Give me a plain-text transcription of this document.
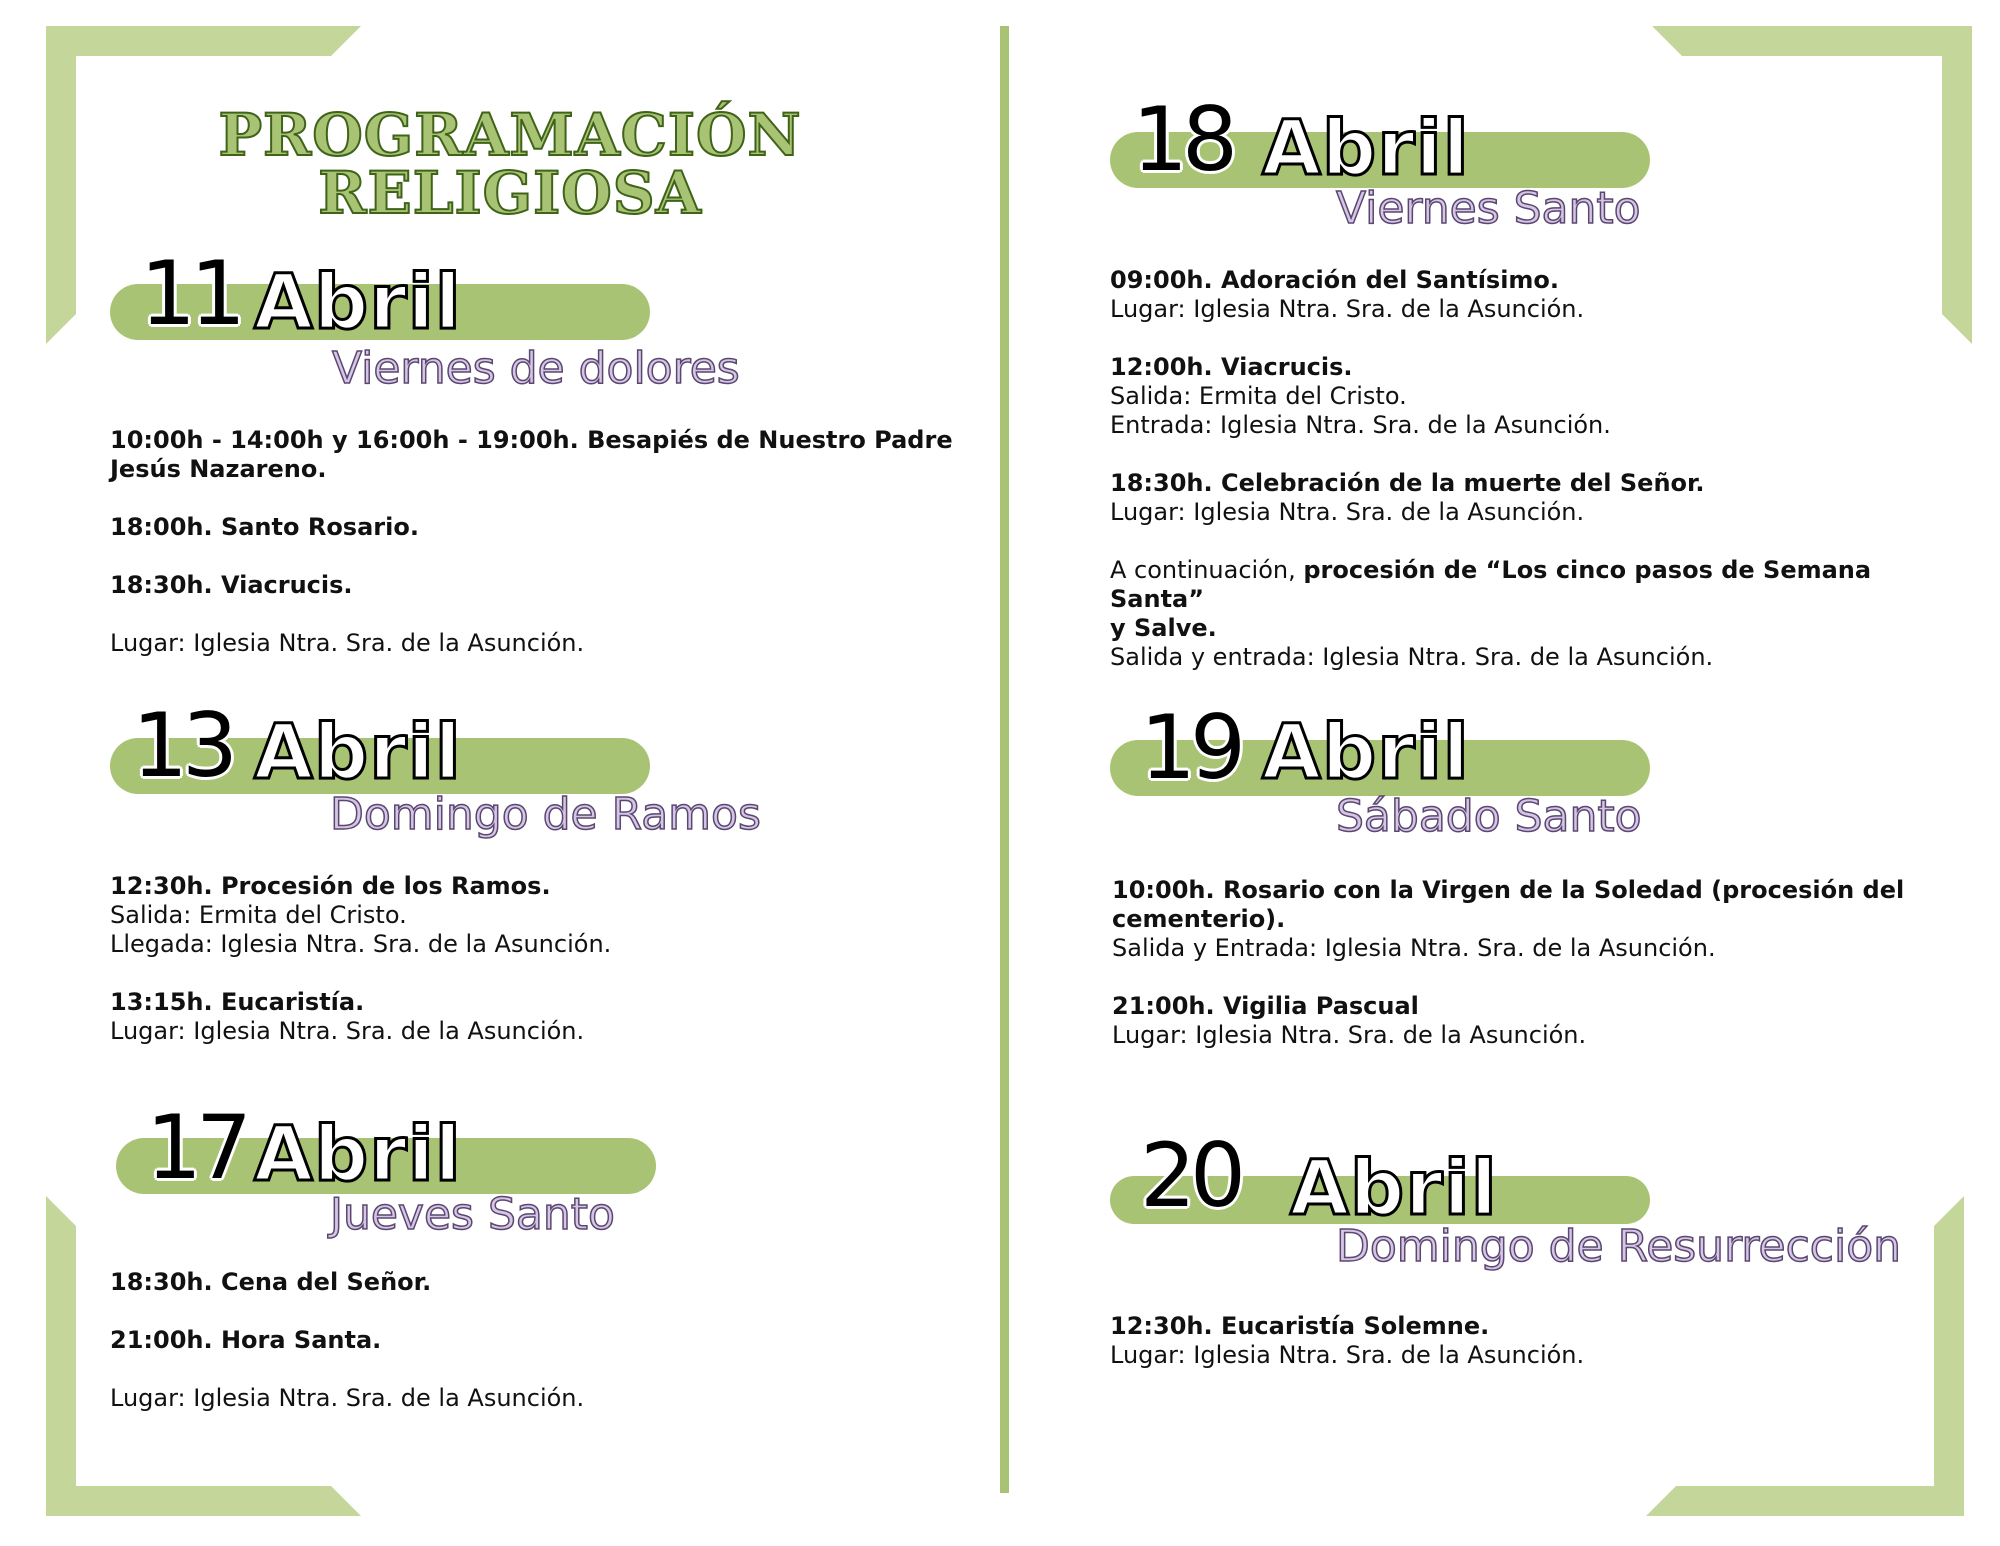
PROGRAMACIÓN
RELIGIOSA
11 Abril
Viernes de dolores
10:00h - 14:00h y 16:00h - 19:00h. Besapiés de Nuestro Padre
Jesús Nazareno.
18:00h. Santo Rosario.
18:30h. Viacrucis.
Lugar: Iglesia Ntra. Sra. de la Asunción.
13 Abril
Domingo de Ramos
12:30h. Procesión de los Ramos.
Salida: Ermita del Cristo.
Llegada: Iglesia Ntra. Sra. de la Asunción.
13:15h. Eucaristía.
Lugar: Iglesia Ntra. Sra. de la Asunción.
17 Abril
Jueves Santo
18:30h. Cena del Señor.
21:00h. Hora Santa.
Lugar: Iglesia Ntra. Sra. de la Asunción.
18 Abril
Viernes Santo
09:00h. Adoración del Santísimo.
Lugar: Iglesia Ntra. Sra. de la Asunción.
12:00h. Viacrucis.
Salida: Ermita del Cristo.
Entrada: Iglesia Ntra. Sra. de la Asunción.
18:30h. Celebración de la muerte del Señor.
Lugar: Iglesia Ntra. Sra. de la Asunción.
A continuación, procesión de “Los cinco pasos de Semana Santa”
y Salve.
Salida y entrada: Iglesia Ntra. Sra. de la Asunción.
19 Abril
Sábado Santo
10:00h. Rosario con la Virgen de la Soledad (procesión del
cementerio).
Salida y Entrada: Iglesia Ntra. Sra. de la Asunción.
21:00h. Vigilia Pascual
Lugar: Iglesia Ntra. Sra. de la Asunción.
20 Abril
Domingo de Resurrección
12:30h. Eucaristía Solemne.
Lugar: Iglesia Ntra. Sra. de la Asunción.
